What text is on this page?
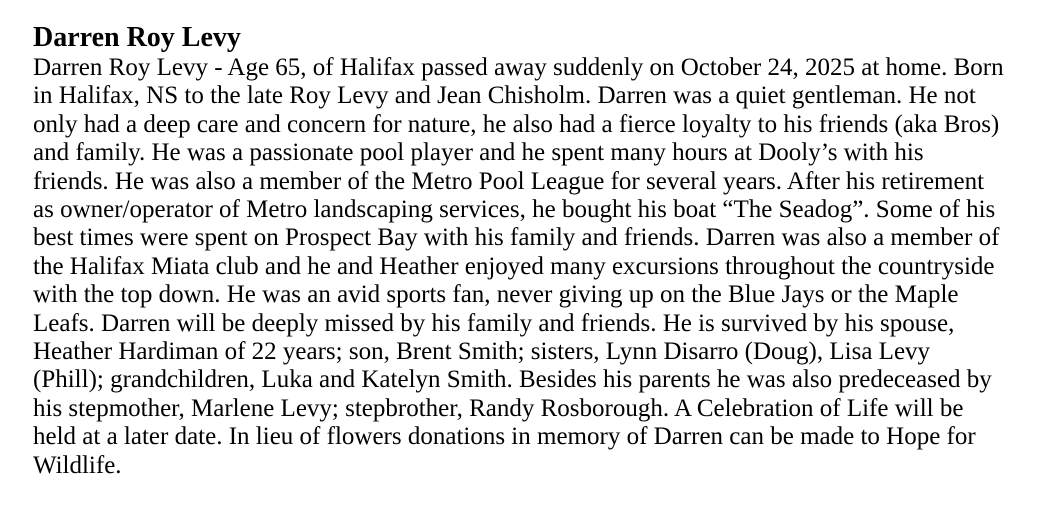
Darren Roy Levy
Darren Roy Levy - Age 65, of Halifax passed away suddenly on October 24, 2025 at home. Born
in Halifax, NS to the late Roy Levy and Jean Chisholm. Darren was a quiet gentleman. He not
only had a deep care and concern for nature, he also had a fierce loyalty to his friends (aka Bros)
and family. He was a passionate pool player and he spent many hours at Dooly’s with his
friends. He was also a member of the Metro Pool League for several years. After his retirement
as owner/operator of Metro landscaping services, he bought his boat “The Seadog”. Some of his
best times were spent on Prospect Bay with his family and friends. Darren was also a member of
the Halifax Miata club and he and Heather enjoyed many excursions throughout the countryside
with the top down. He was an avid sports fan, never giving up on the Blue Jays or the Maple
Leafs. Darren will be deeply missed by his family and friends. He is survived by his spouse,
Heather Hardiman of 22 years; son, Brent Smith; sisters, Lynn Disarro (Doug), Lisa Levy
(Phill); grandchildren, Luka and Katelyn Smith. Besides his parents he was also predeceased by
his stepmother, Marlene Levy; stepbrother, Randy Rosborough. A Celebration of Life will be
held at a later date. In lieu of flowers donations in memory of Darren can be made to Hope for
Wildlife.
